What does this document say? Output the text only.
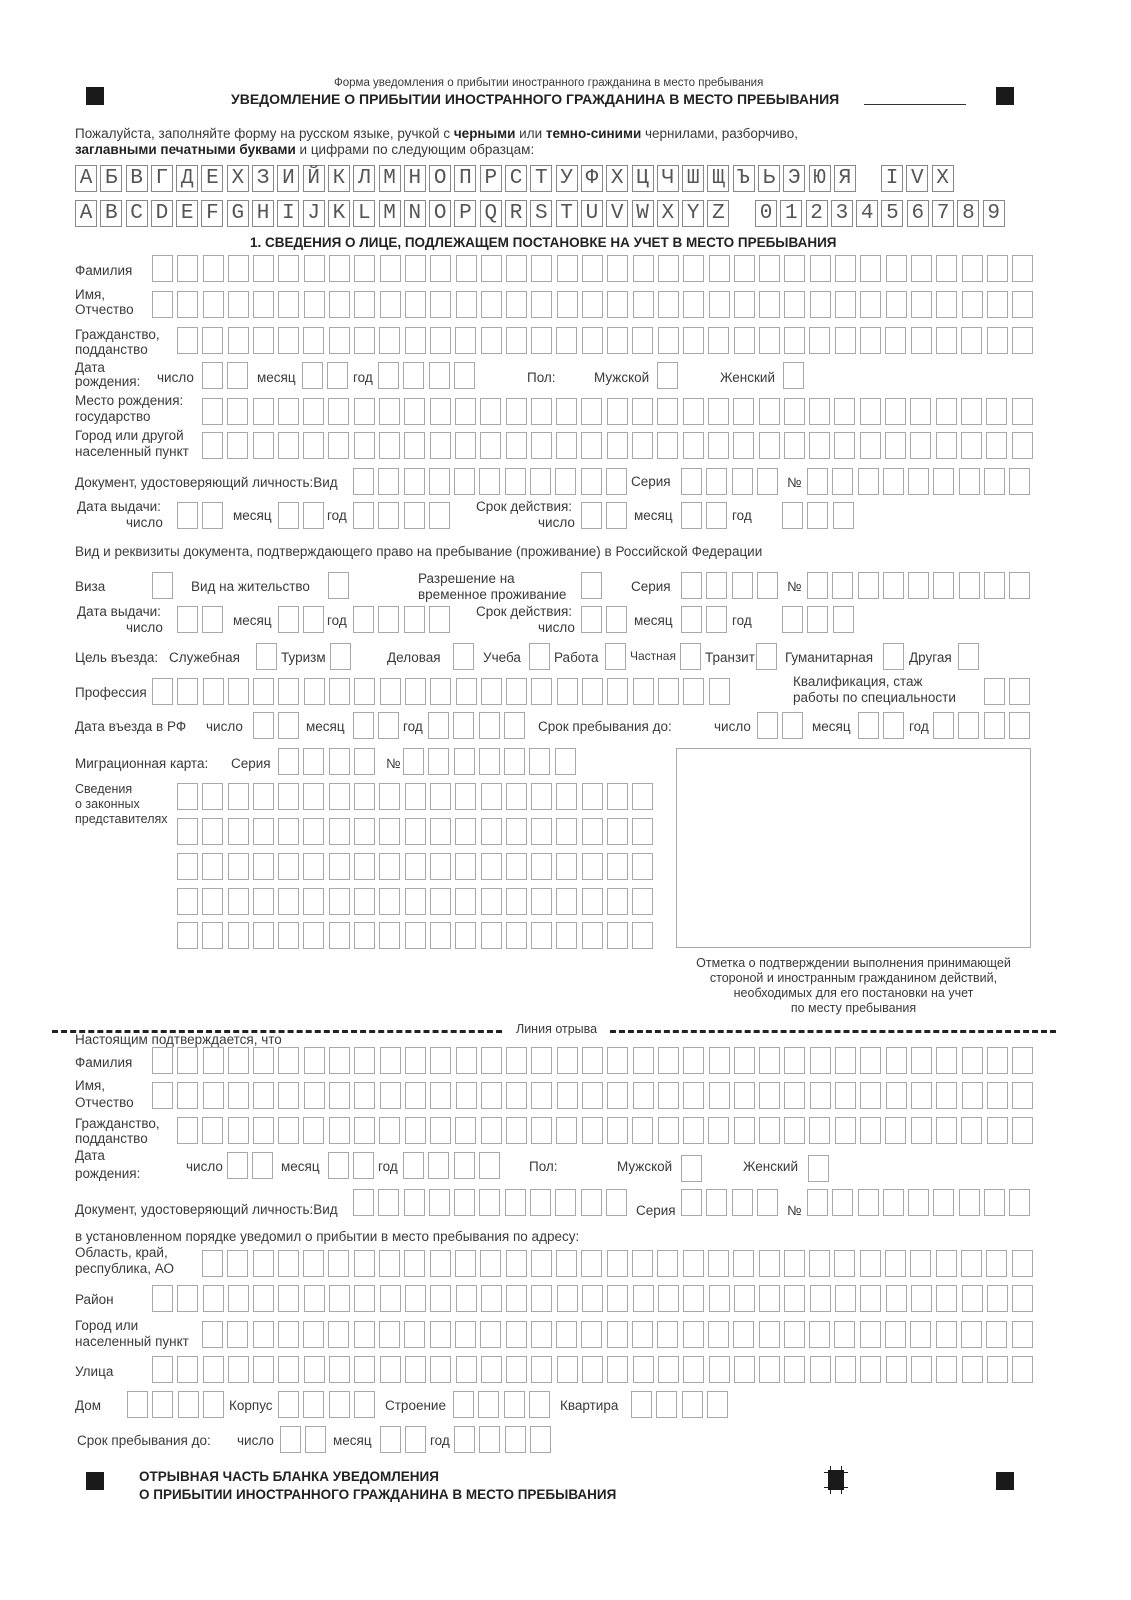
Форма уведомления о прибытии иностранного гражданина в место пребывания
УВЕДОМЛЕНИЕ О ПРИБЫТИИ ИНОСТРАННОГО ГРАЖДАНИНА В МЕСТО ПРЕБЫВАНИЯ
Пожалуйста, заполняйте форму на русском языке, ручкой с черными или темно-синими чернилами, разборчиво,
заглавными печатными буквами и цифрами по следующим образцам:
А Б В Г Д Е Х З И Й К Л М Н О П Р С Т У Ф Х Ц Ч Ш Щ Ъ Ь Э Ю Я I V X
A B C D E F G H I J K L M N O P Q R S T U V W X Y Z 0 1 2 3 4 5 6 7 8 9
1. СВЕДЕНИЯ О ЛИЦЕ, ПОДЛЕЖАЩЕМ ПОСТАНОВКЕ НА УЧЕТ В МЕСТО ПРЕБЫВАНИЯ
Фамилия
Имя,
Отчество
Гражданство,
подданство
Дата
рождения: число	месяц	год	Пол:	Мужской	Женский
Место рождения:
государство
Город или другой
населенный пункт
Документ, удостоверяющий личность:Вид	Серия	№
Дата выдачи:
число	месяц	год
Срок действия:
число	месяц	год
Вид и реквизиты документа, подтверждающего право на пребывание (проживание) в Российской Федерации
Виза	Вид на жительство
Разрешение на
временное проживание
Серия	№
Дата выдачи:
число	месяц	год
Срок действия:
число	месяц	год
Цель въезда: Служебная	Туризм	Деловая	Учеба Работа	Частная Транзит Гуманитарная	Другая
Профессия
Квалификация, стаж
работы по специальности
Дата въезда в РФ число	месяц	год	Срок пребывания до:	число	месяц	год
Миграционная карта: Серия	№
Сведения
о законных
представителях
Отметка о подтверждении выполнения принимающей
стороной и иностранным гражданином действий,
необходимых для его постановки на учет
по месту пребывания
Линия отрыва
Настоящим подтверждается, что
Фамилия
Имя,
Отчество
Гражданство,
подданство
Дата
рождения:	число	месяц	год	Пол:	Мужской	Женский
Документ, удостоверяющий личность:Вид	Серия	№
в установленном порядке уведомил о прибытии в место пребывания по адресу:
Область, край,
республика, АО
Район
Город или
населенный пункт
Улица
Дом	Корпус	Строение	Квартира
Срок пребывания до: число	месяц	год
ОТРЫВНАЯ ЧАСТЬ БЛАНКА УВЕДОМЛЕНИЯ
О ПРИБЫТИИ ИНОСТРАННОГО ГРАЖДАНИНА В МЕСТО ПРЕБЫВАНИЯ
